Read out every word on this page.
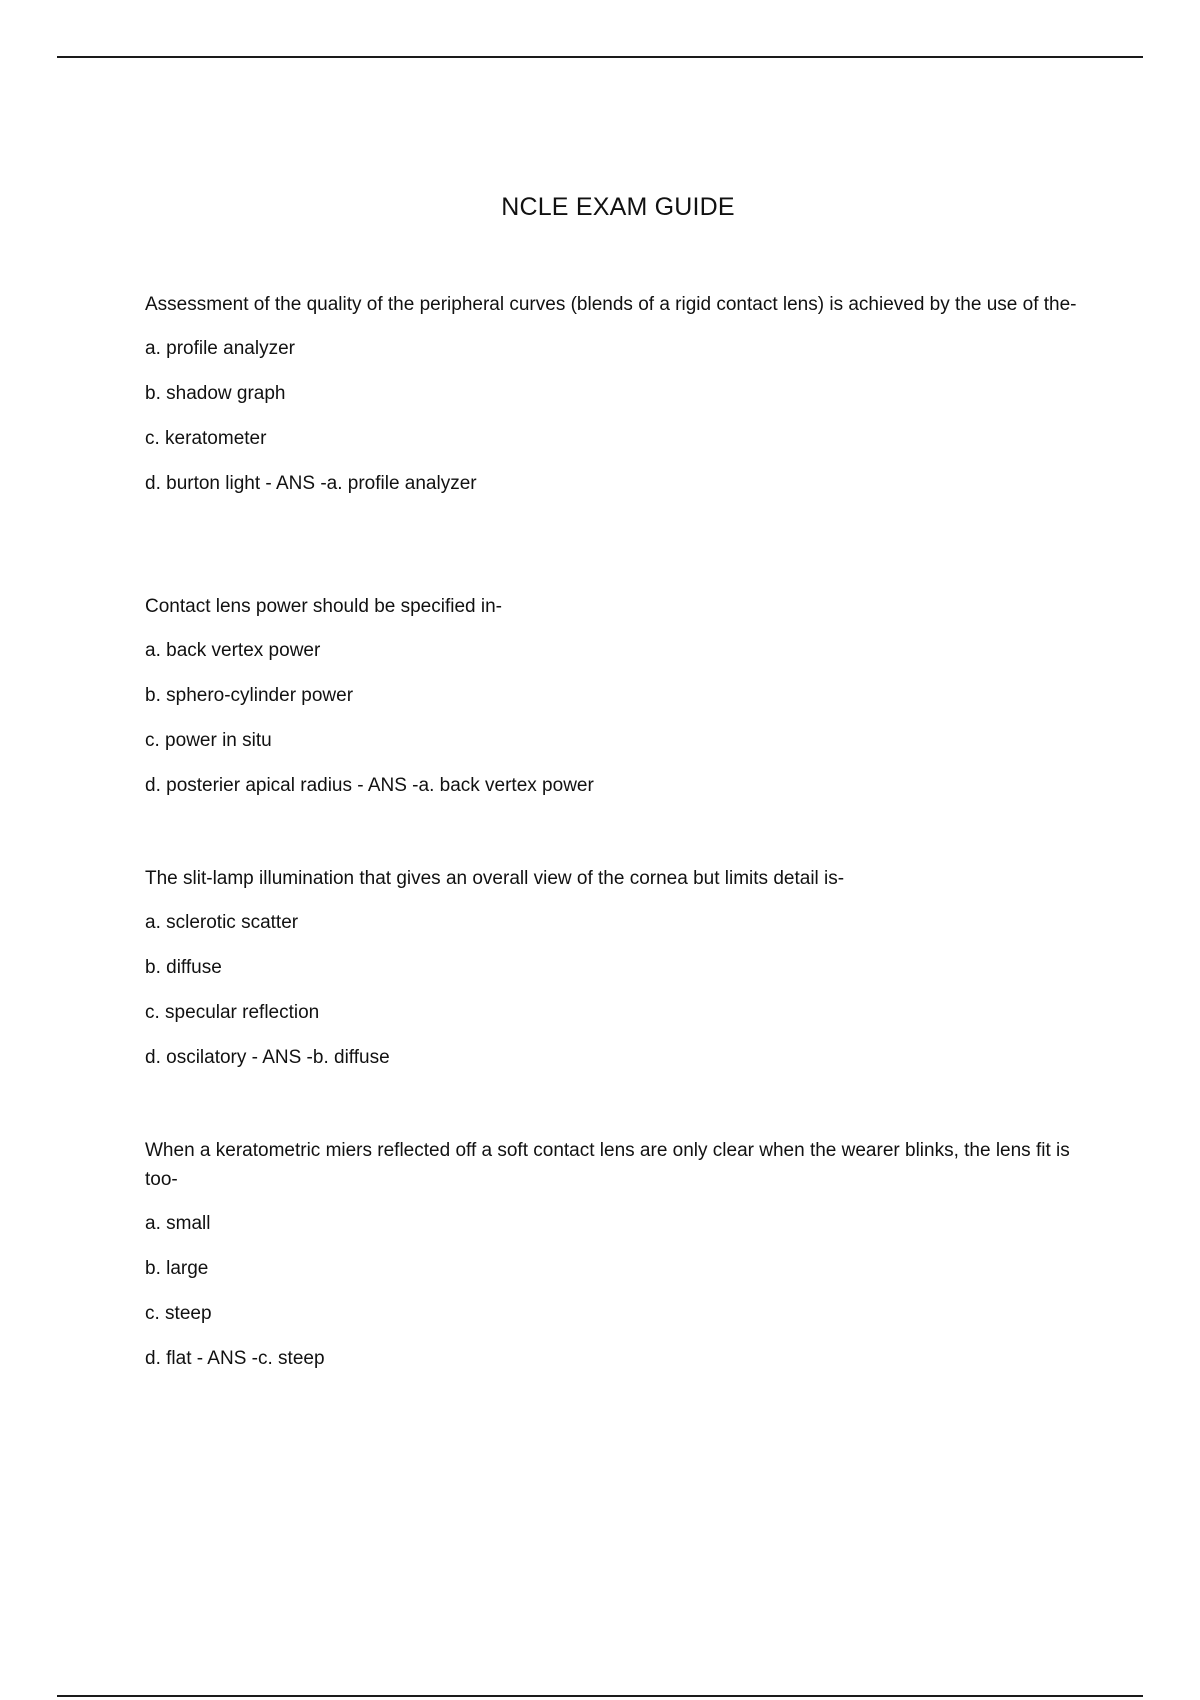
NCLE EXAM GUIDE

Assessment of the quality of the peripheral curves (blends of a rigid contact lens) is achieved by the use of the-

a. profile analyzer
b. shadow graph
c. keratometer
d. burton light - ANS -a. profile analyzer

Contact lens power should be specified in-

a. back vertex power
b. sphero-cylinder power
c. power in situ
d. posterier apical radius - ANS -a. back vertex power

The slit-lamp illumination that gives an overall view of the cornea but limits detail is-

a. sclerotic scatter
b. diffuse
c. specular reflection
d. oscilatory - ANS -b. diffuse

When a keratometric miers reflected off a soft contact lens are only clear when the wearer blinks, the lens fit is too-

a. small
b. large
c. steep
d. flat - ANS -c. steep
